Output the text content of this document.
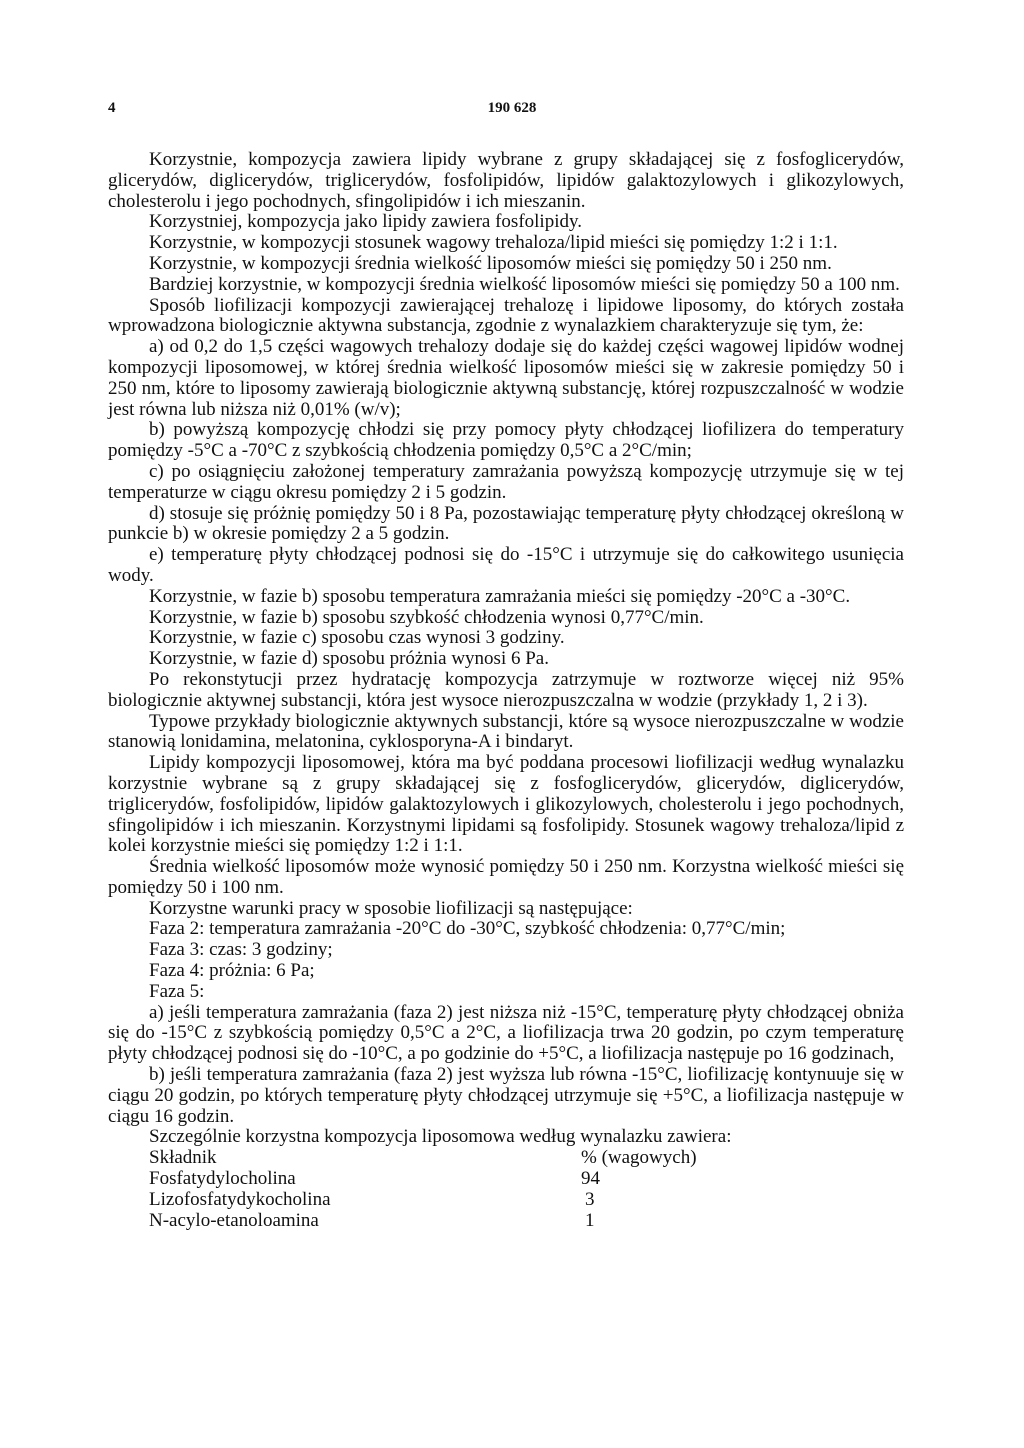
4	190 628

Korzystnie, kompozycja zawiera lipidy wybrane z grupy składającej się z fosfoglicerydów, glicerydów, diglicerydów, triglicerydów, fosfolipidów, lipidów galaktozylowych i glikozylowych, cholesterolu i jego pochodnych, sfingolipidów i ich mieszanin.

Korzystniej, kompozycja jako lipidy zawiera fosfolipidy.

Korzystnie, w kompozycji stosunek wagowy trehaloza/lipid mieści się pomiędzy 1:2 i 1:1.

Korzystnie, w kompozycji średnia wielkość liposomów mieści się pomiędzy 50 i 250 nm.

Bardziej korzystnie, w kompozycji średnia wielkość liposomów mieści się pomiędzy 50 a 100 nm.

Sposób liofilizacji kompozycji zawierającej trehalozę i lipidowe liposomy, do których została wprowadzona biologicznie aktywna substancja, zgodnie z wynalazkiem charakteryzuje się tym, że:

a) od 0,2 do 1,5 części wagowych trehalozy dodaje się do każdej części wagowej lipidów wodnej kompozycji liposomowej, w której średnia wielkość liposomów mieści się w zakresie pomiędzy 50 i 250 nm, które to liposomy zawierają biologicznie aktywną substancję, której rozpuszczalność w wodzie jest równa lub niższa niż 0,01% (w/v);

b) powyższą kompozycję chłodzi się przy pomocy płyty chłodzącej liofilizera do temperatury pomiędzy -5°C a -70°C z szybkością chłodzenia pomiędzy 0,5°C a 2°C/min;

c) po osiągnięciu założonej temperatury zamrażania powyższą kompozycję utrzymuje się w tej temperaturze w ciągu okresu pomiędzy 2 i 5 godzin.

d) stosuje się próżnię pomiędzy 50 i 8 Pa, pozostawiając temperaturę płyty chłodzącej określoną w punkcie b) w okresie pomiędzy 2 a 5 godzin.

e) temperaturę płyty chłodzącej podnosi się do -15°C i utrzymuje się do całkowitego usunięcia wody.

Korzystnie, w fazie b) sposobu temperatura zamrażania mieści się pomiędzy -20°C a -30°C.

Korzystnie, w fazie b) sposobu szybkość chłodzenia wynosi 0,77°C/min.

Korzystnie, w fazie c) sposobu czas wynosi 3 godziny.

Korzystnie, w fazie d) sposobu próżnia wynosi 6 Pa.

Po rekonstytucji przez hydratację kompozycja zatrzymuje w roztworze więcej niż 95% biologicznie aktywnej substancji, która jest wysoce nierozpuszczalna w wodzie (przykłady 1, 2 i 3).

Typowe przykłady biologicznie aktywnych substancji, które są wysoce nierozpuszczalne w wodzie stanowią lonidamina, melatonina, cyklosporyna-A i bindaryt.

Lipidy kompozycji liposomowej, która ma być poddana procesowi liofilizacji według wynalazku korzystnie wybrane są z grupy składającej się z fosfoglicerydów, glicerydów, diglicerydów, triglicerydów, fosfolipidów, lipidów galaktozylowych i glikozylowych, cholesterolu i jego pochodnych, sfingolipidów i ich mieszanin. Korzystnymi lipidami są fosfolipidy. Stosunek wagowy trehaloza/lipid z kolei korzystnie mieści się pomiędzy 1:2 i 1:1.

Średnia wielkość liposomów może wynosić pomiędzy 50 i 250 nm. Korzystna wielkość mieści się pomiędzy 50 i 100 nm.

Korzystne warunki pracy w sposobie liofilizacji są następujące:

Faza 2: temperatura zamrażania -20°C do -30°C, szybkość chłodzenia: 0,77°C/min;

Faza 3: czas: 3 godziny;

Faza 4: próżnia: 6 Pa;

Faza 5:

a) jeśli temperatura zamrażania (faza 2) jest niższa niż -15°C, temperaturę płyty chłodzącej obniża się do -15°C z szybkością pomiędzy 0,5°C a 2°C, a liofilizacja trwa 20 godzin, po czym temperaturę płyty chłodzącej podnosi się do -10°C, a po godzinie do +5°C, a liofilizacja następuje po 16 godzinach,

b) jeśli temperatura zamrażania (faza 2) jest wyższa lub równa -15°C, liofilizację kontynuuje się w ciągu 20 godzin, po których temperaturę płyty chłodzącej utrzymuje się +5°C, a liofilizacja następuje w ciągu 16 godzin.

Szczególnie korzystna kompozycja liposomowa według wynalazku zawiera:

Składnik	% (wagowych)
Fosfatydylocholina	94
Lizofosfatydykocholina	3
N-acylo-etanoloamina	1
